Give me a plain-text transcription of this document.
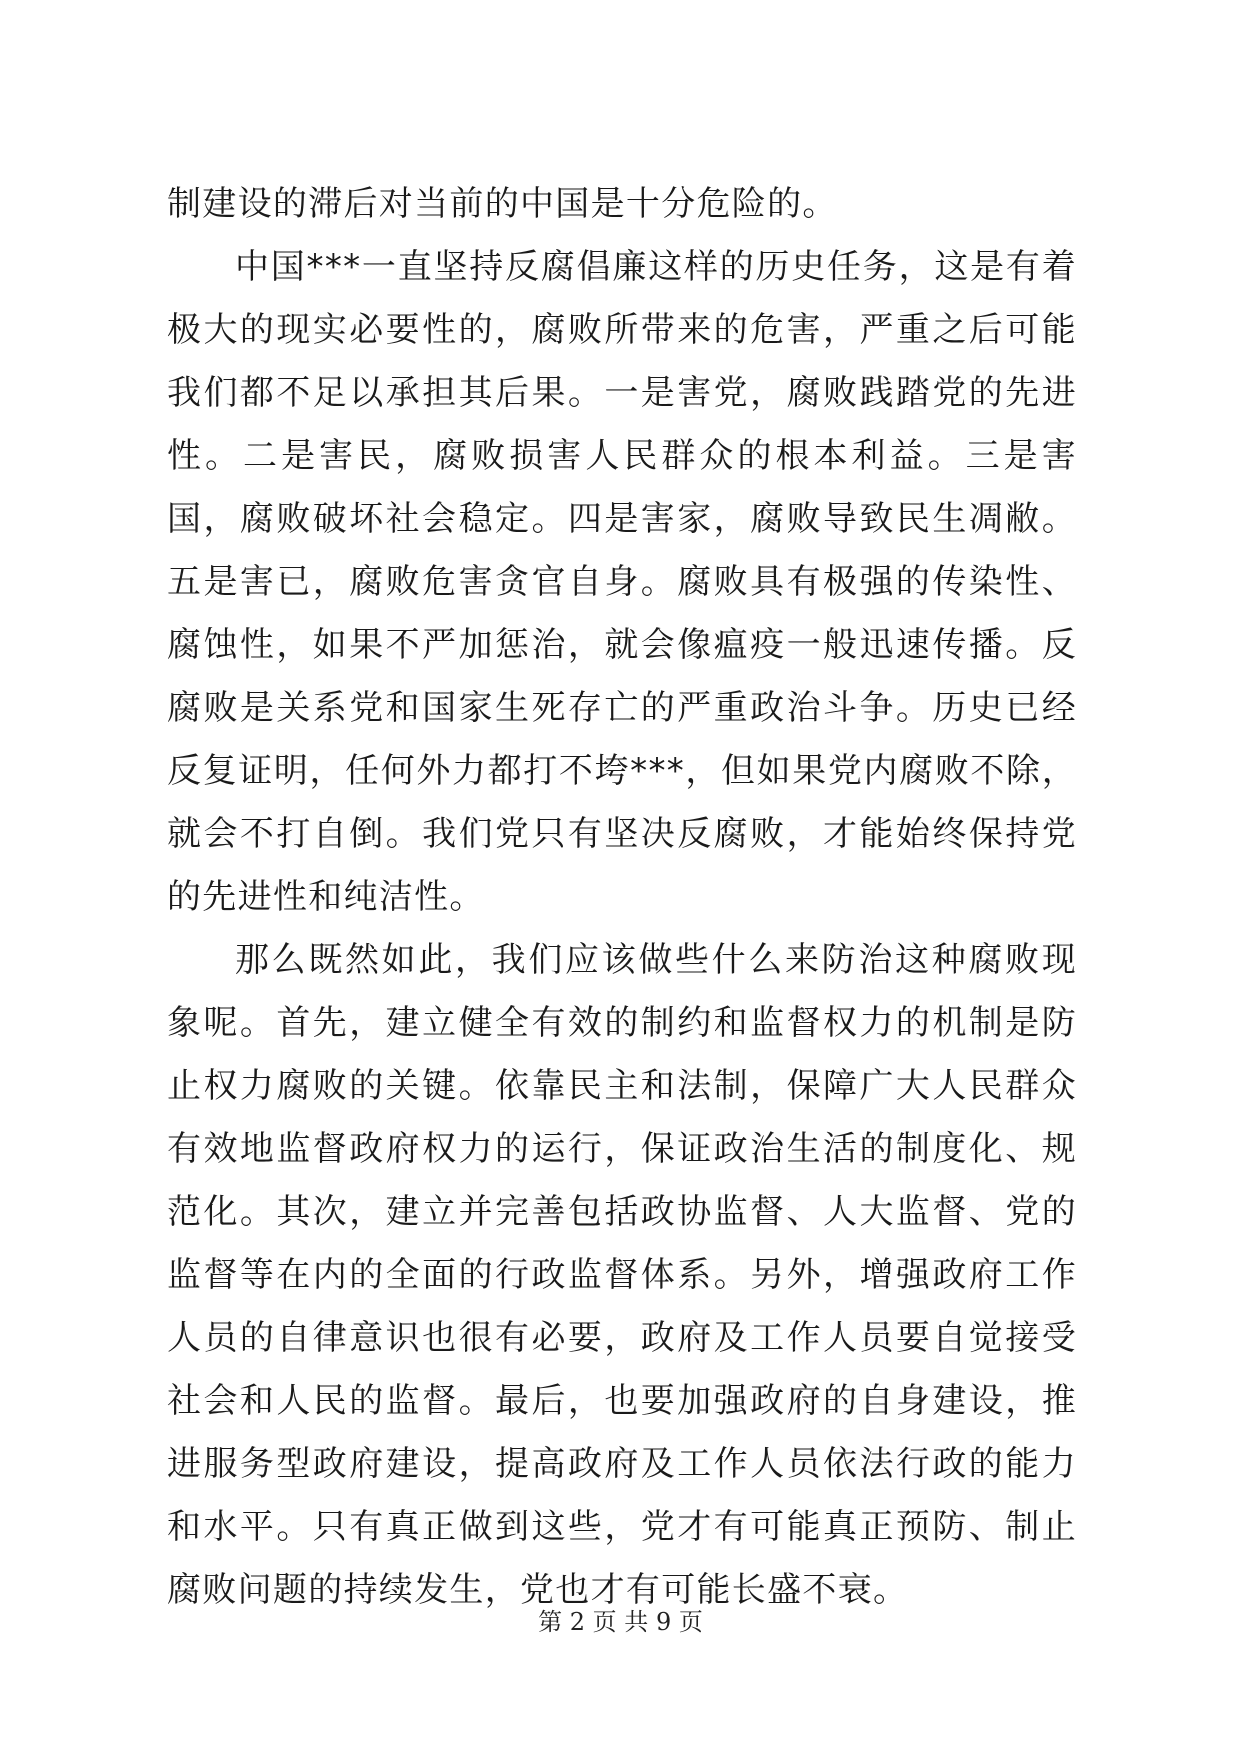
制建设的滞后对当前的中国是十分危险的。

中国***一直坚持反腐倡廉这样的历史任务，这是有着极大的现实必要性的，腐败所带来的危害，严重之后可能我们都不足以承担其后果。一是害党，腐败践踏党的先进性。二是害民，腐败损害人民群众的根本利益。三是害国，腐败破坏社会稳定。四是害家，腐败导致民生凋敝。五是害已，腐败危害贪官自身。腐败具有极强的传染性、腐蚀性，如果不严加惩治，就会像瘟疫一般迅速传播。反腐败是关系党和国家生死存亡的严重政治斗争。历史已经反复证明，任何外力都打不垮***，但如果党内腐败不除，就会不打自倒。我们党只有坚决反腐败，才能始终保持党的先进性和纯洁性。

那么既然如此，我们应该做些什么来防治这种腐败现象呢。首先，建立健全有效的制约和监督权力的机制是防止权力腐败的关键。依靠民主和法制，保障广大人民群众有效地监督政府权力的运行，保证政治生活的制度化、规范化。其次，建立并完善包括政协监督、人大监督、党的监督等在内的全面的行政监督体系。另外，增强政府工作人员的自律意识也很有必要，政府及工作人员要自觉接受社会和人民的监督。最后，也要加强政府的自身建设，推进服务型政府建设，提高政府及工作人员依法行政的能力和水平。只有真正做到这些，党才有可能真正预防、制止腐败问题的持续发生，党也才有可能长盛不衰。

第 2 页 共 9 页
